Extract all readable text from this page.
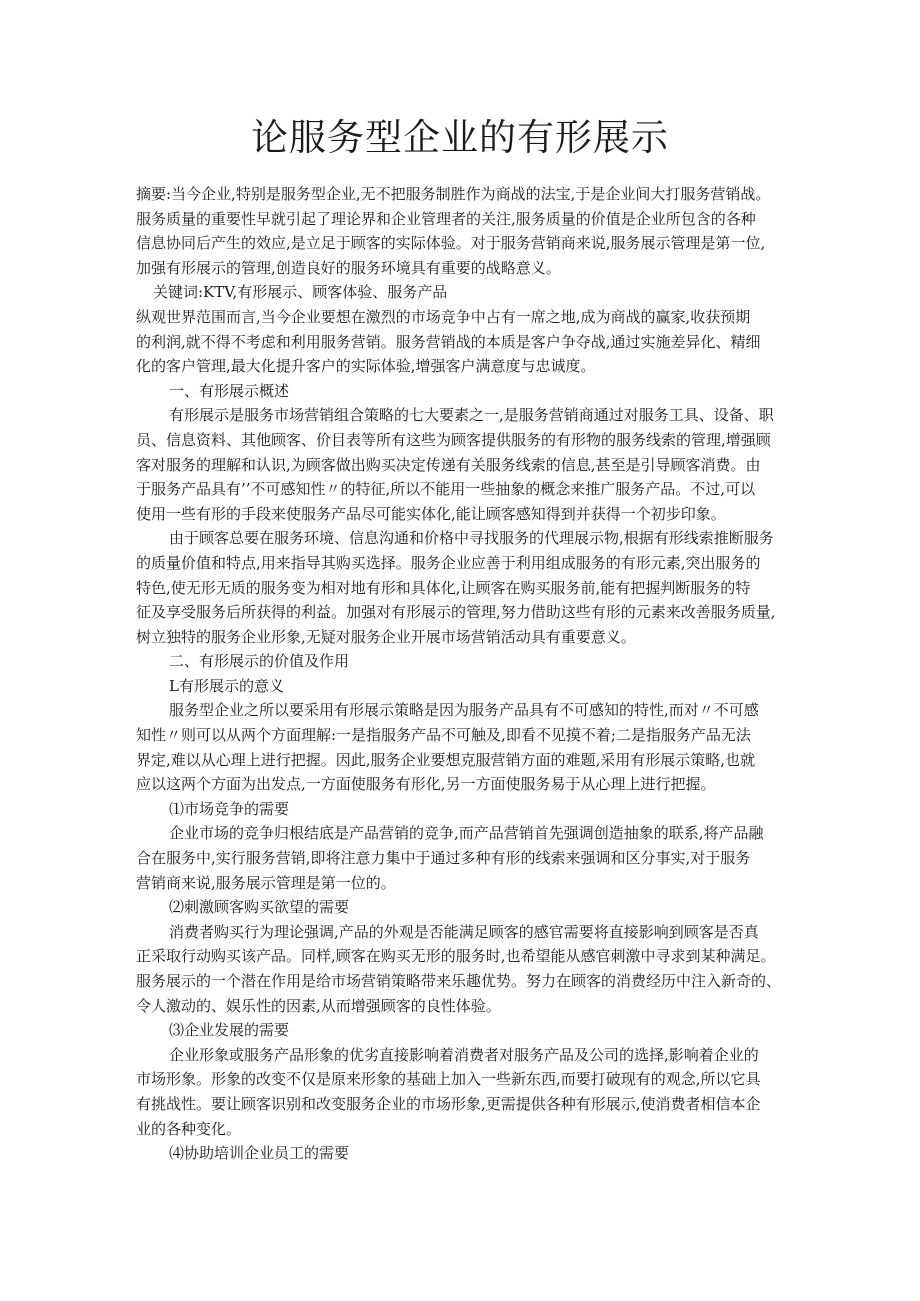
论服务型企业的有形展示
摘要:当今企业,特别是服务型企业,无不把服务制胜作为商战的法宝,于是企业间大打服务营销战。
服务质量的重要性早就引起了理论界和企业管理者的关注,服务质量的价值是企业所包含的各种
信息协同后产生的效应,是立足于顾客的实际体验。对于服务营销商来说,服务展示管理是第一位,
加强有形展示的管理,创造良好的服务环境具有重要的战略意义。
关键词:KTV,有形展示、顾客体验、服务产品
纵观世界范围而言,当今企业要想在激烈的市场竞争中占有一席之地,成为商战的赢家,收获预期
的利润,就不得不考虑和利用服务营销。服务营销战的本质是客户争夺战,通过实施差异化、精细
化的客户管理,最大化提升客户的实际体验,增强客户满意度与忠诚度。
一、有形展示概述
有形展示是服务市场营销组合策略的七大要素之一,是服务营销商通过对服务工具、设备、职
员、信息资料、其他顾客、价目表等所有这些为顾客提供服务的有形物的服务线索的管理,增强顾
客对服务的理解和认识,为顾客做出购买决定传递有关服务线索的信息,甚至是引导顾客消费。由
于服务产品具有’’不可感知性〃的特征,所以不能用一些抽象的概念来推广服务产品。不过,可以
使用一些有形的手段来使服务产品尽可能实体化,能让顾客感知得到并获得一个初步印象。
由于顾客总要在服务环境、信息沟通和价格中寻找服务的代理展示物,根据有形线索推断服务
的质量价值和特点,用来指导其购买选择。服务企业应善于利用组成服务的有形元素,突出服务的
特色,使无形无质的服务变为相对地有形和具体化,让顾客在购买服务前,能有把握判断服务的特
征及享受服务后所获得的利益。加强对有形展示的管理,努力借助这些有形的元素来改善服务质量,
树立独特的服务企业形象,无疑对服务企业开展市场营销活动具有重要意义。
二、有形展示的价值及作用
L有形展示的意义
服务型企业之所以要采用有形展示策略是因为服务产品具有不可感知的特性,而对〃不可感
知性〃则可以从两个方面理解:一是指服务产品不可触及,即看不见摸不着;二是指服务产品无法
界定,难以从心理上进行把握。因此,服务企业要想克服营销方面的难题,采用有形展示策略,也就
应以这两个方面为出发点,一方面使服务有形化,另一方面使服务易于从心理上进行把握。
⑴市场竞争的需要
企业市场的竞争归根结底是产品营销的竞争,而产品营销首先强调创造抽象的联系,将产品融
合在服务中,实行服务营销,即将注意力集中于通过多种有形的线索来强调和区分事实,对于服务
营销商来说,服务展示管理是第一位的。
⑵刺激顾客购买欲望的需要
消费者购买行为理论强调,产品的外观是否能满足顾客的感官需要将直接影响到顾客是否真
正采取行动购买该产品。同样,顾客在购买无形的服务时,也希望能从感官刺激中寻求到某种满足。
服务展示的一个潜在作用是给市场营销策略带来乐趣优势。努力在顾客的消费经历中注入新奇的、
令人激动的、娱乐性的因素,从而增强顾客的良性体验。
⑶企业发展的需要
企业形象或服务产品形象的优劣直接影响着消费者对服务产品及公司的选择,影响着企业的
市场形象。形象的改变不仅是原来形象的基础上加入一些新东西,而要打破现有的观念,所以它具
有挑战性。要让顾客识别和改变服务企业的市场形象,更需提供各种有形展示,使消费者相信本企
业的各种变化。
⑷协助培训企业员工的需要
